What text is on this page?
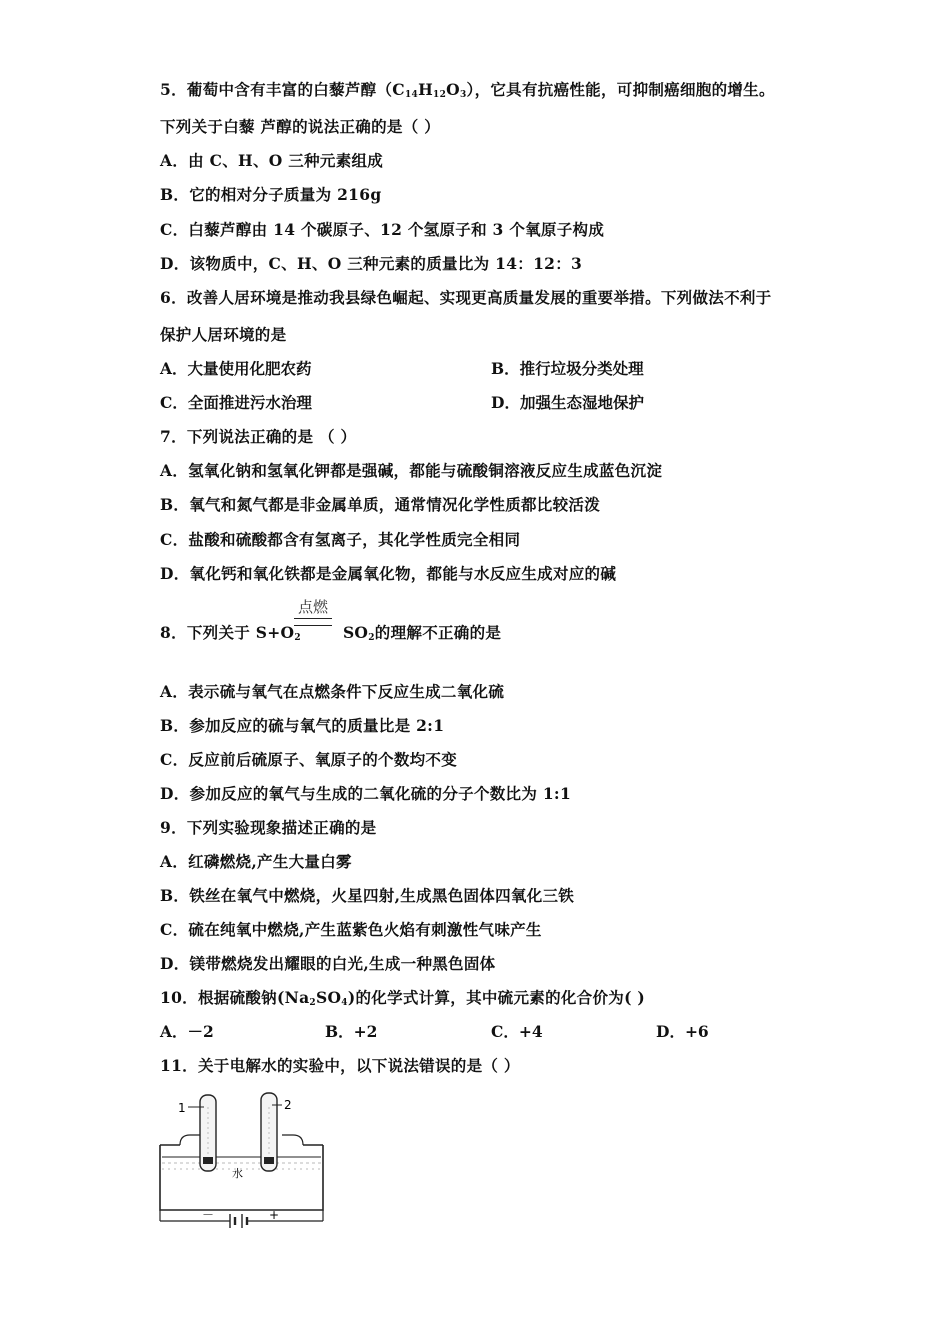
5．葡萄中含有丰富的白藜芦醇$(C_{14}H_{12}O_3)$，它具有抗癌性能，可抑制癌细胞的增生。
下列关于白藜 芦醇的说法正确的是（ ）
A．由 C、H、O 三种元素组成
B．它的相对分子质量为 216g
C．白藜芦醇由 14 个碳原子、12 个氢原子和 3 个氧原子构成
D．该物质中，C、H、O 三种元素的质量比为 14：12：3
6．改善人居环境是推动我县绿色崛起、实现更高质量发展的重要举措。下列做法不利于
保护人居环境的是
A．大量使用化肥农药	B．推行垃圾分类处理
C．全面推进污水治理	D．加强生态湿地保护
7．下列说法正确的是 （ ）
A．氢氧化钠和氢氧化钾都是强碱，都能与硫酸铜溶液反应生成蓝色沉淀
B．氧气和氮气都是非金属单质，通常情况化学性质都比较活泼
C．盐酸和硫酸都含有氢离子，其化学性质完全相同
D．氧化钙和氧化铁都是金属氧化物，都能与水反应生成对应的碱
点燃
8．下列关于 $S+O_2$	$SO_2$的理解不正确的是
A．表示硫与氧气在点燃条件下反应生成二氧化硫
B．参加反应的硫与氧气的质量比是 2:1
C．反应前后硫原子、氧原子的个数均不变
D．参加反应的氧气与生成的二氧化硫的分子个数比为 1:1
9．下列实验现象描述正确的是
A．红磷燃烧,产生大量白雾
B．铁丝在氧气中燃烧，火星四射,生成黑色固体四氧化三铁
C．硫在纯氧中燃烧,产生蓝紫色火焰有刺激性气味产生
D．镁带燃烧发出耀眼的白光,生成一种黑色固体
10．根据硫酸钠$(Na_2SO_4)$的化学式计算，其中硫元素的化合价为( )
A．－2	B．+2	C．+4	D．+6
11．关于电解水的实验中，以下说法错误的是（ ）
1	2
水
－	+
